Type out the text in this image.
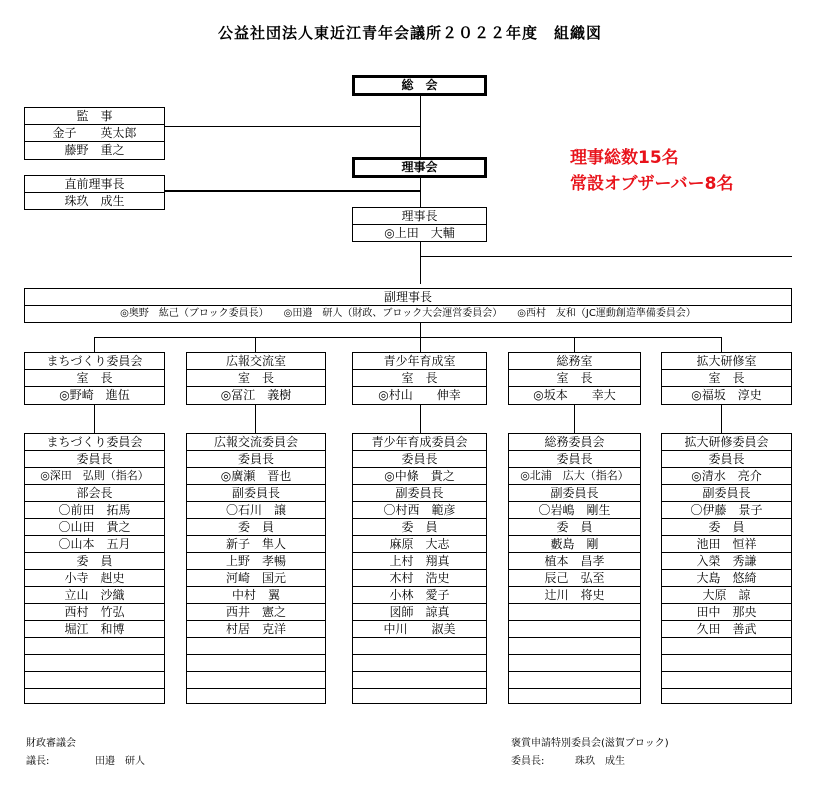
公益社団法人東近江青年会議所２０２２年度　組織図
総　会
監　事
金子　　英太郎
藤野　重之
理事会
直前理事長
珠玖　成生
理事長
◎上田　大輔
理事総数15名
常設オブザーバー8名
副理事長
◎奥野　紘己（ブロック委員長）　　◎田邉　研人（財政、ブロック大会運営委員会）　　◎西村　友和（JC運動創造準備委員会）
まちづくり委員会
室　長
◎野崎　進伍
広報交流室
室　長
◎冨江　義樹
青少年育成室
室　長
◎村山　　伸幸
総務室
室　長
◎坂本　　幸大
拡大研修室
室　長
◎福坂　淳史
まちづくり委員会
委員長
◎深田　弘則（指名）
部会長
〇前田　拓馬
〇山田　貴之
〇山本　五月
委　員
小寺　赳史
立山　沙織
西村　竹弘
堀江　和博
広報交流委員会
委員長
◎廣瀬　晋也
副委員長
〇石川　譲
委　員
新子　隼人
上野　孝暢
河崎　国元
中村　翼
西井　憲之
村居　克洋
青少年育成委員会
委員長
◎中條　貴之
副委員長
〇村西　範彦
委　員
麻原　大志
上村　翔真
木村　浩史
小林　愛子
図師　諒真
中川　　淑美
総務委員会
委員長
◎北浦　広大（指名）
副委員長
〇岩嶋　剛生
委　員
藪島　剛
植本　昌孝
辰己　弘至
辻川　将史
拡大研修委員会
委員長
◎清水　亮介
副委員長
〇伊藤　景子
委　員
池田　恒祥
入榮　秀謙
大島　悠綺
大原　諒
田中　那央
久田　善武
財政審議会
議長:	田邉　研人
褒賞申請特別委員会(滋賀ブロック)
委員長:	珠玖　成生
